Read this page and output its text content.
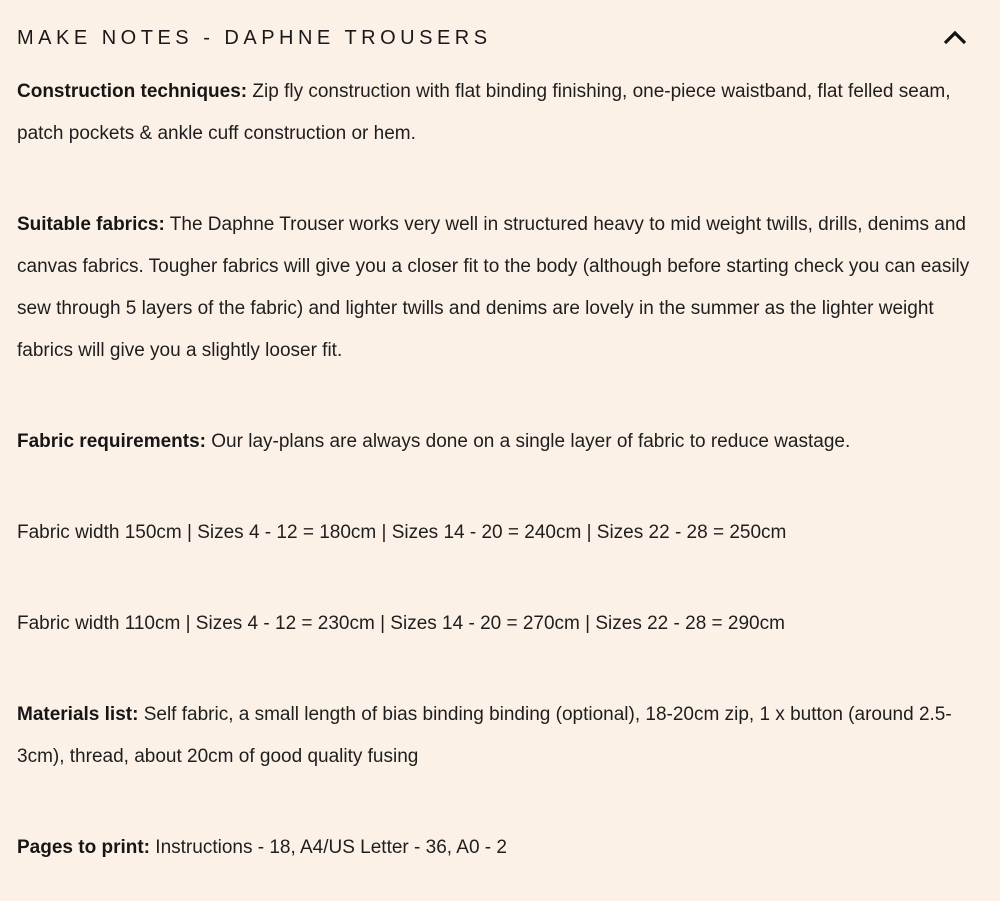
MAKE NOTES - DAPHNE TROUSERS

Construction techniques: Zip fly construction with flat binding finishing, one-piece waistband, flat felled seam, patch pockets & ankle cuff construction or hem.

Suitable fabrics: The Daphne Trouser works very well in structured heavy to mid weight twills, drills, denims and canvas fabrics. Tougher fabrics will give you a closer fit to the body (although before starting check you can easily sew through 5 layers of the fabric) and lighter twills and denims are lovely in the summer as the lighter weight fabrics will give you a slightly looser fit.

Fabric requirements: Our lay-plans are always done on a single layer of fabric to reduce wastage.

Fabric width 150cm | Sizes 4 - 12 = 180cm | Sizes 14 - 20 = 240cm | Sizes 22 - 28 = 250cm

Fabric width 110cm | Sizes 4 - 12 = 230cm | Sizes 14 - 20 = 270cm | Sizes 22 - 28 = 290cm

Materials list: Self fabric, a small length of bias binding binding (optional), 18-20cm zip, 1 x button (around 2.5-3cm), thread, about 20cm of good quality fusing

Pages to print: Instructions - 18, A4/US Letter - 36, A0 - 2
